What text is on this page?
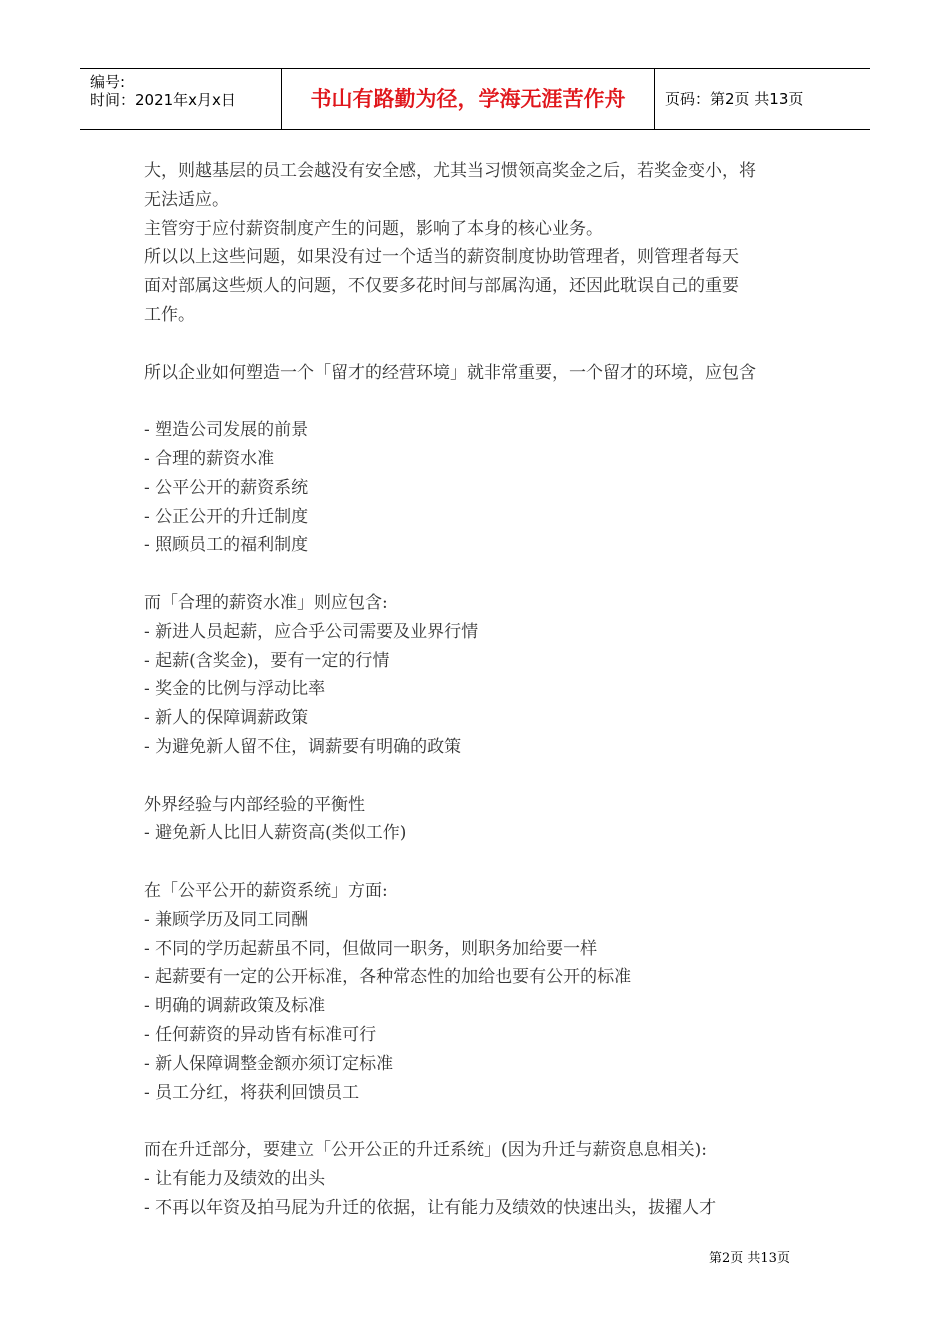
编号:
时间：2021年x月x日	书山有路勤为径，学海无涯苦作舟	页码：第2页 共13页
大，则越基层的员工会越没有安全感，尤其当习惯领高奖金之后，若奖金变小，将
无法适应。
主管穷于应付薪资制度产生的问题，影响了本身的核心业务。
所以以上这些问题，如果没有过一个适当的薪资制度协助管理者，则管理者每天
面对部属这些烦人的问题，不仅要多花时间与部属沟通，还因此耽误自己的重要
工作。
所以企业如何塑造一个「留才的经营环境」就非常重要，一个留才的环境，应包含
- 塑造公司发展的前景
- 合理的薪资水准
- 公平公开的薪资系统
- 公正公开的升迁制度
- 照顾员工的福利制度
而「合理的薪资水准」则应包含:
- 新进人员起薪，应合乎公司需要及业界行情
- 起薪(含奖金)，要有一定的行情
- 奖金的比例与浮动比率
- 新人的保障调薪政策
- 为避免新人留不住，调薪要有明确的政策
外界经验与内部经验的平衡性
- 避免新人比旧人薪资高(类似工作)
在「公平公开的薪资系统」方面:
- 兼顾学历及同工同酬
- 不同的学历起薪虽不同，但做同一职务，则职务加给要一样
- 起薪要有一定的公开标准，各种常态性的加给也要有公开的标准
- 明确的调薪政策及标准
- 任何薪资的异动皆有标准可行
- 新人保障调整金额亦须订定标准
- 员工分红，将获利回馈员工
而在升迁部分，要建立「公开公正的升迁系统」(因为升迁与薪资息息相关):
- 让有能力及绩效的出头
- 不再以年资及拍马屁为升迁的依据，让有能力及绩效的快速出头，拔擢人才
第2页 共13页
